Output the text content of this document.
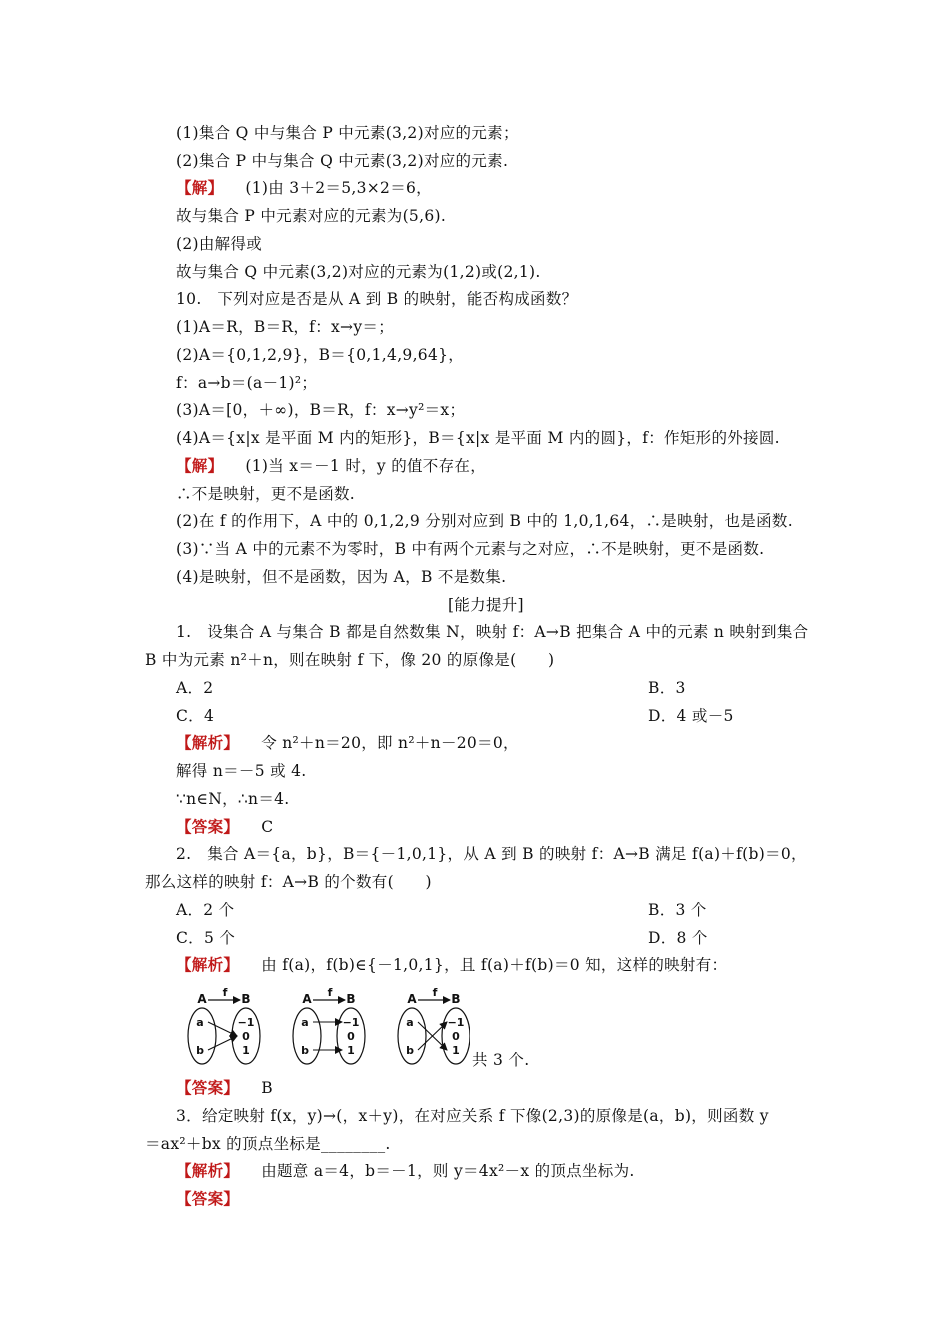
(1)集合 Q 中与集合 P 中元素(3,2)对应的元素；
(2)集合 P 中与集合 Q 中元素(3,2)对应的元素.
【解】 (1)由 3＋2＝5,3×2＝6，
故与集合 P 中元素对应的元素为(5,6).
(2)由解得或
故与集合 Q 中元素(3,2)对应的元素为(1,2)或(2,1).
10.　下列对应是否是从 A 到 B 的映射，能否构成函数？
(1)A＝R，B＝R，f：x→y＝；
(2)A＝{0,1,2,9}，B＝{0,1,4,9,64}，
f：a→b＝(a－1)²；
(3)A＝[0，＋∞)，B＝R，f：x→y²＝x；
(4)A＝{x|x 是平面 M 内的矩形}，B＝{x|x 是平面 M 内的圆}，f：作矩形的外接圆.
【解】 (1)当 x＝－1 时，y 的值不存在，
∴不是映射，更不是函数.
(2)在 f 的作用下，A 中的 0,1,2,9 分别对应到 B 中的 1,0,1,64，∴是映射，也是函数.
(3)∵当 A 中的元素不为零时，B 中有两个元素与之对应，∴不是映射，更不是函数.
(4)是映射，但不是函数，因为 A，B 不是数集.
[能力提升]
1.　设集合 A 与集合 B 都是自然数集 N，映射 f：A→B 把集合 A 中的元素 n 映射到集合
B 中为元素 n²＋n，则在映射 f 下，像 20 的原像是(　　)
A．2	B．3
C．4	D．4 或－5
【解析】 令 n²＋n＝20，即 n²＋n－20＝0，
解得 n＝－5 或 4.
∵n∈N，∴n＝4.
【答案】 C
2.　集合 A＝{a，b}，B＝{－1,0,1}，从 A 到 B 的映射 f：A→B 满足 f(a)＋f(b)＝0，
那么这样的映射 f：A→B 的个数有(　　)
A．2 个	B．3 个
C．5 个	D．8 个
【解析】 由 f(a)，f(b)∈{－1,0,1}，且 f(a)＋f(b)＝0 知，这样的映射有：
A	B
f
a
b
−1
0
1
A	B
f
a
b
−1
0
1
A	B
f
a
b
−1
0
1
共 3 个.
【答案】 B
3．给定映射 f(x，y)→(，x＋y)，在对应关系 f 下像(2,3)的原像是(a，b)，则函数 y
＝ax²＋bx 的顶点坐标是________.
【解析】 由题意 a＝4，b＝－1，则 y＝4x²－x 的顶点坐标为.
【答案】
